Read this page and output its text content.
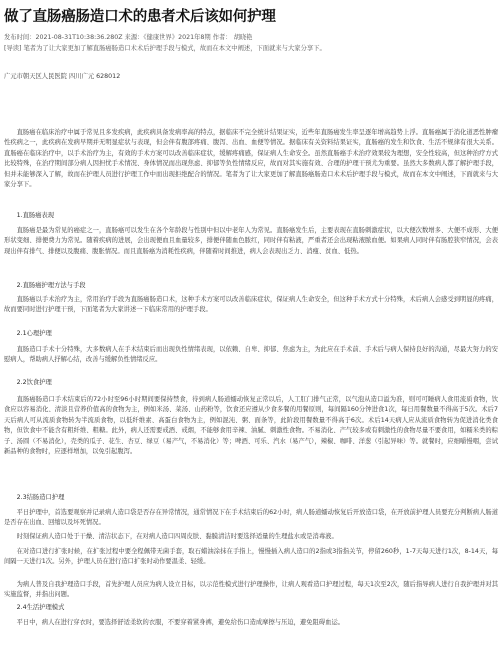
做了直肠癌肠造口术的患者术后该如何护理
发布时间：2021-08-31T10:38:36.280Z 来源：《健康世界》2021年8期 作者： 胡晓艳
[导读] 笔者为了让大家更加了解直肠癌肠造口术术后护理手段与模式，故而在本文中阐述，下面就来与大家分享下。
广元市朝天区人民医院 四川广元 628012

直肠癌在临床治疗中属于常见且多发疾病，此疾病具备发病率高的特点，据临床不完全统计结果证实，近些年直肠癌发生率呈逐年增高趋势上浮。直肠癌属于消化道恶性肿瘤性疾病之一，此疾病在发病早期并无明显症状与表现，但会伴有腹部疼痛、腹泻、出血、血便等情况。据临床有关资料结果证实，直肠癌的发生和饮食、生活不规律有很大关系。直肠癌在临床治疗中，以手术治疗为主，有效的手术方案可以改善临床症状，缓解疼痛感，保证病人生命安全。虽然直肠癌手术治疗效果较为理想，安全性较高，但这种治疗方式比较特殊，在治疗期间部分病人因担忧手术情况、身体情况而出现焦虑、抑郁等负性情绪反应，故而对其实施有效、合理的护理干预尤为重要。虽然大多数病人都了解护理手段，但并未能够深入了解，故而在护理人员进行护理工作中而出现拒绝配合的情况。笔者为了让大家更加了解直肠癌肠造口术术后护理手段与模式，故而在本文中阐述，下面就来与大家分享下。

1.直肠癌表现

直肠癌是最为常见的癌症之一，直肠癌可以发生在各个年龄段与性别中但以中老年人为常见。直肠癌发生后，主要表现在直肠刺激症状，以大便次数增多、大便不成形、大便形状变细、排便费力为常见。随着疾病的进展，会出现便血且血量较多，排便伴随血色脓红，同时伴有粘液，严重者还会出现粘液脓血便。如果病人同时伴有肠腔狭窄情况，会表现出伴有排气、排便以及腹痛、腹胀情况。而且直肠癌为消耗性疾病，伴随着时间推进，病人会表现出乏力、消瘦、贫血、低热。

2.直肠癌护理方法与手段

直肠癌以手术治疗为主，常用治疗手段为直肠癌肠造口术，这种手术方案可以改善临床症状，保证病人生命安全，但这种手术方式十分特殊，术后病人会感受到明显的疼痛，故而要同时进行护理干预，下面笔者为大家讲述一下临床常用的护理手段。

2.1心理护理

直肠造口手术十分特殊，大多数病人在手术结束后而出现负性情绪表现，以依赖、自卑、抑郁、焦虑为主，为此应在手术前、手术后与病人保持良好的沟通，尽最大努力的安慰病人，帮助病人抒解心结，改善与缓解负性情绪反应。

2.2饮食护理

直肠癌肠造口手术结束后的72小时至96小时期间要保持禁食，待到病人肠道蠕动恢复正常以后，人工肛门排气正常，以气泡从造口溢为准，则可可睡病人食用流质食物，饮食应以容易消化、清淡且营养价值高的食物为主，例如米汤、菜汤、山药粉等，饮食还应遵从少食多餐的用餐原则，每间隔160分钟进食1次，每日用餐数量不得高于5次。术后7天后病人可从流质食物转为半流质食物，以低纤维素、高蛋白食物为主，例如混沌、粥、面条等，此阶段用餐数量不得高于6次。术后14天病人应从流质食物转为促进消化类食物，但饮食中不能含有粗纤维、粗糖。此外，病人还需要戒酒、戒烟，不能够食用辛辣、油腻、刺激性食物。不易消化、产气较多或有刺激性的食物尽量不要食用，如糯米类的粽子、汤圆（不易消化），壳类的瓜子、花生、杏豆、绿豆（易产气，不易消化）等；啤酒、可乐、汽水（易产气），辣椒、咖啡、洋葱（引起异味）等。就餐时，应细嚼慢咽，尝试新品种的食物时，应逐样增加，以免引起腹泻。

2.3结肠造口护理

平日护理中，首选要观察并记录病人造口袋是否存在异常情况，通常情况下在手术结束后的62小时，病人肠道蠕动恢复后开放造口袋，在开放前护理人员要充分判断病人肠道是否存在出血、回缩以及坏死情况。

时刻保证病人造口处于干燥、清洁状态下，在对病人造口四周皮肤、黏膜清洁时要选择适量的生理盐水或是消毒液。

在对造口进行扩张时候，在扩张过程中要全程佩带无菌手套，取石蜡油涂抹在手指上，慢慢插入病人造口的2指或3指指关节，停留260秒，1-7天每天进行1次，8-14天，每间隔一天进行1次。另外，护理人员在进行造口扩张时动作要温柔、轻缓。

为病人普及自我护理造口手段，首先护理人员应为病人设立目标，以示范性模式进行护理操作，让病人观看造口护理过程，每天1次至2次，随后指导病人进行自我护理并对其实施监督，并指出问题。

2.4生活护理模式

平日中，病人在进行穿衣时，要选择舒适柔软的衣服，不要穿着紧身裤，避免给伤口造成摩擦与压迫，避免阻碍血运。
